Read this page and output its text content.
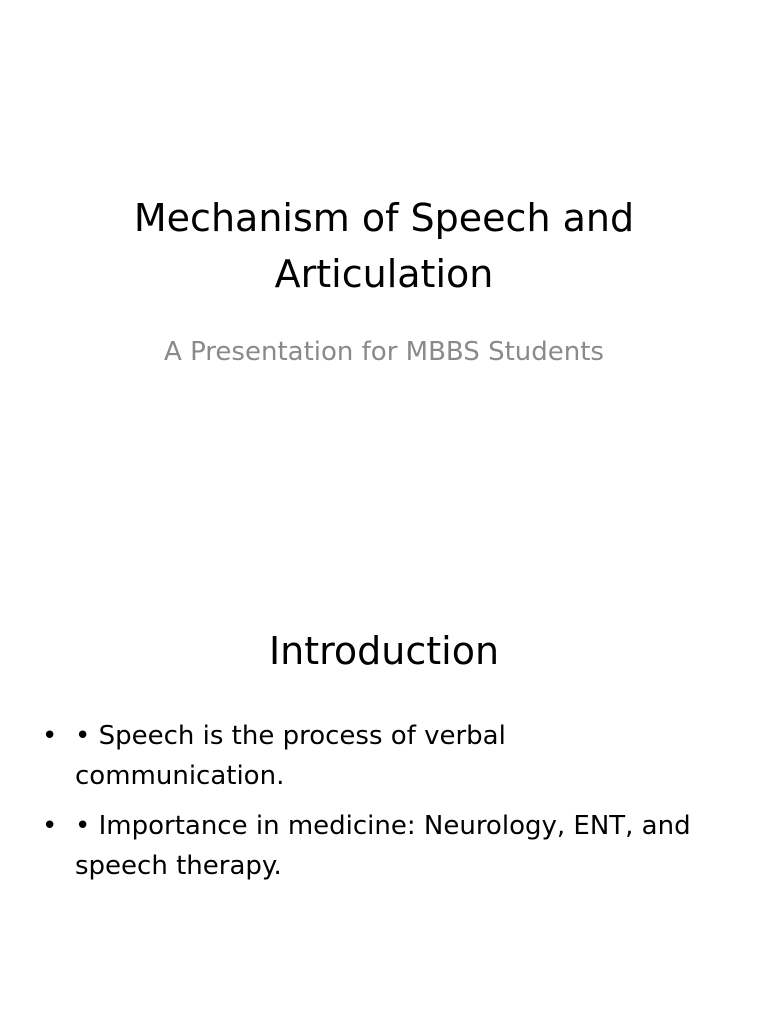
Mechanism of Speech and Articulation

A Presentation for MBBS Students

Introduction
• • Speech is the process of verbal communication.
• • Importance in medicine: Neurology, ENT, and speech therapy.
